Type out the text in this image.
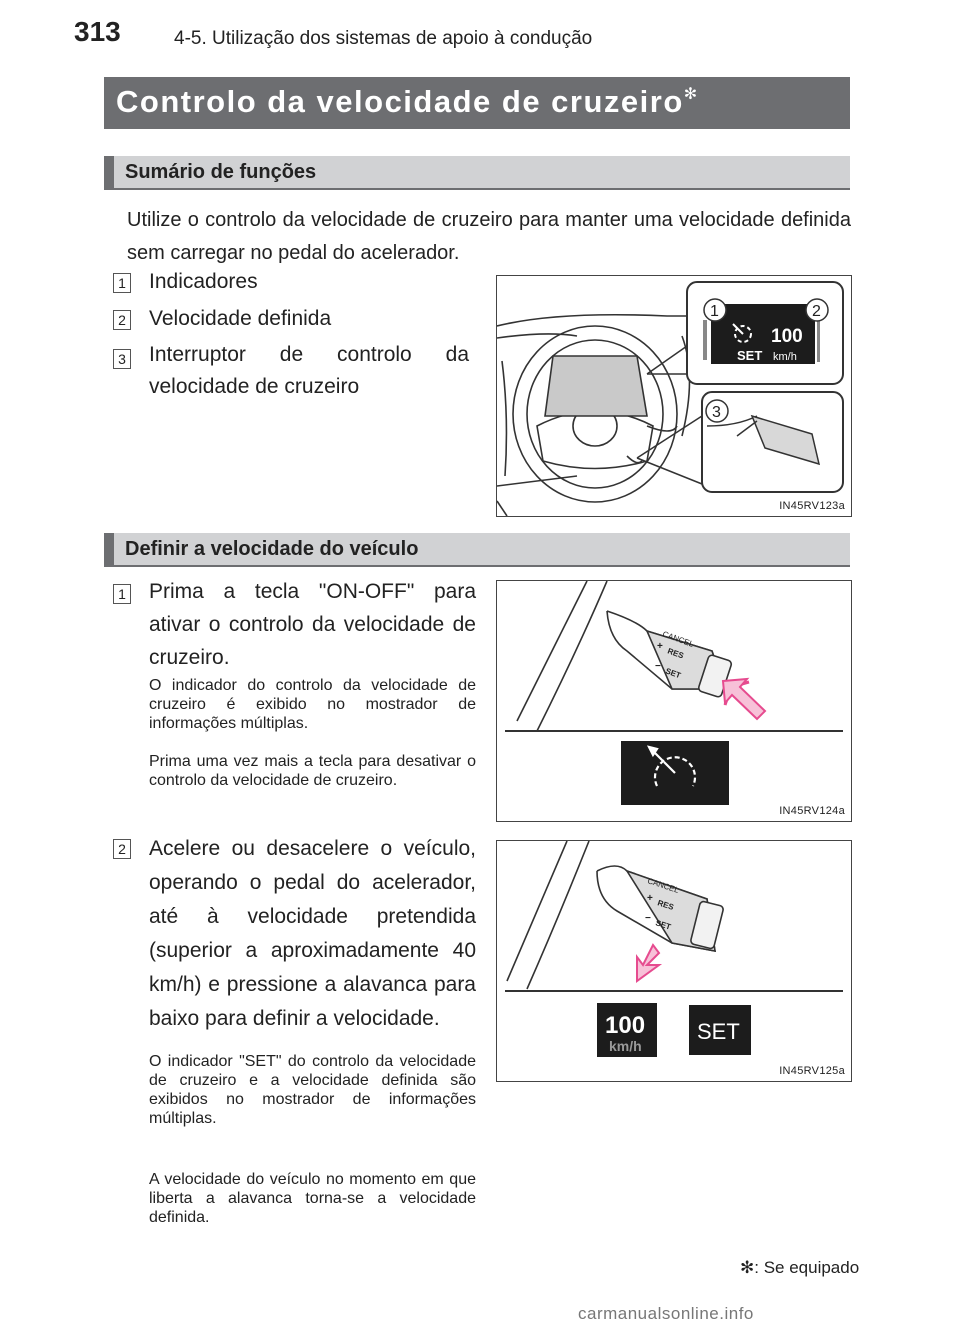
313	4-5. Utilização dos sistemas de apoio à condução
Controlo da velocidade de cruzeiro✻
Sumário de funções
Utilize o controlo da velocidade de cruzeiro para manter uma velocidade definida sem carregar no pedal do acelerador.
1 Indicadores
2 Velocidade definida
3 Interruptor de controlo da velocidade de cruzeiro
100
SET km/h
1	2
3
IN45RV123a
Definir a velocidade do veículo
1 Prima a tecla "ON-OFF" para ativar o controlo da velocidade de cruzeiro.
O indicador do controlo da velocidade de cruzeiro é exibido no mostrador de informações múltiplas.
Prima uma vez mais a tecla para desativar o controlo da velocidade de cruzeiro.
CANCEL
+ RES
− SET
IN45RV124a
2 Acelere ou desacelere o veículo, operando o pedal do acelerador, até à velocidade pretendida (superior a aproximadamente 40 km/h) e pressione a alavanca para baixo para definir a velocidade.
O indicador "SET" do controlo da velocidade de cruzeiro e a velocidade definida são exibidos no mostrador de informações múltiplas.
A velocidade do veículo no momento em que liberta a alavanca torna-se a velocidade definida.
CANCEL
+ RES
− SET
100
km/h
SET
IN45RV125a
✻: Se equipado
carmanualsonline.info
